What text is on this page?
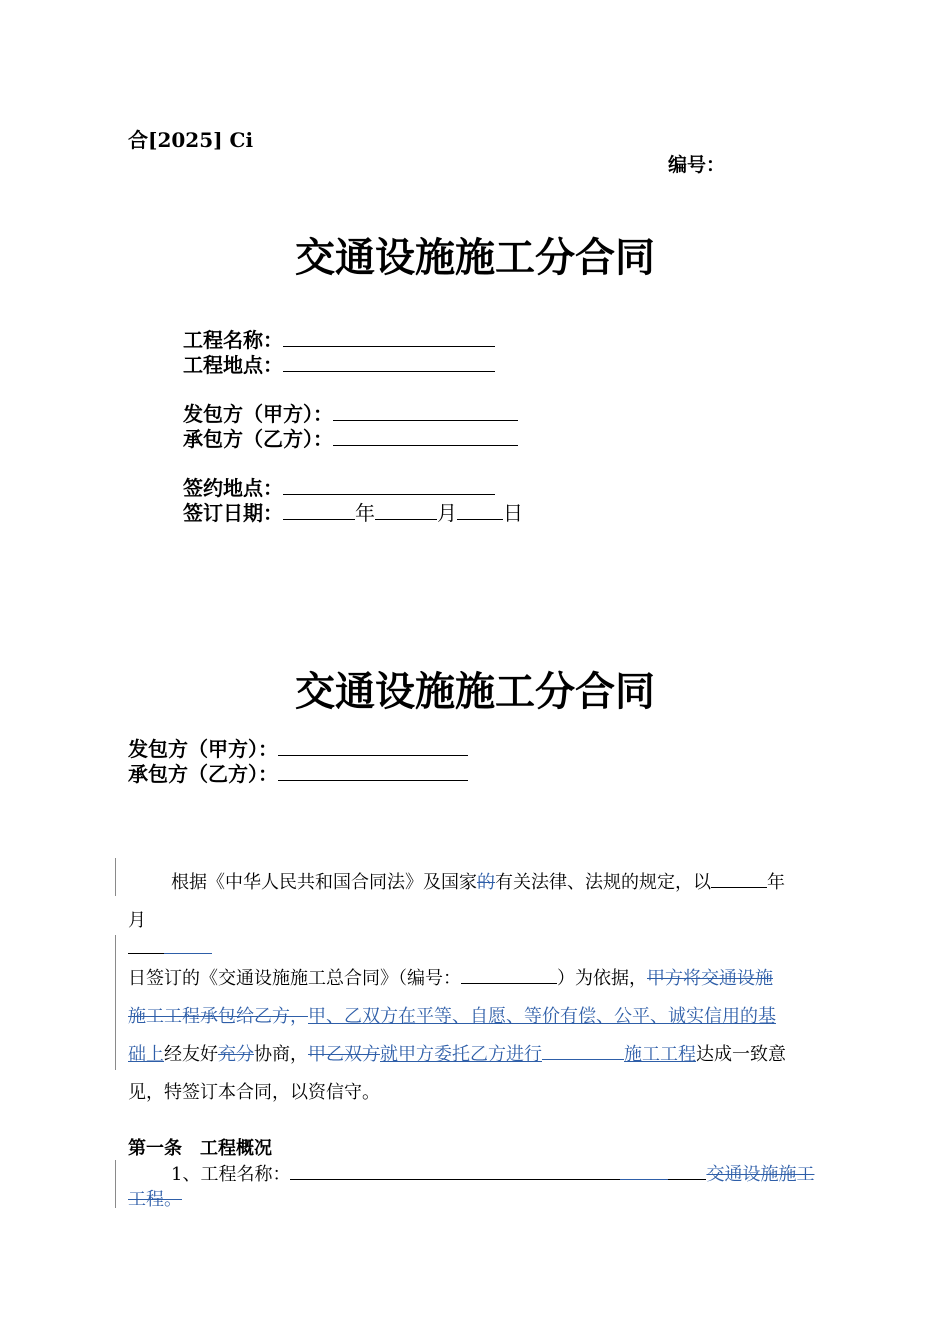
合[2025] Ci
编号：
交通设施施工分合同
工程名称：
工程地点：
发包方（甲方）：
承包方（乙方）：
签约地点：
签订日期：	年	月 日
交通设施施工分合同
发包方（甲方）：
承包方（乙方）：
根据《中华人民共和国合同法》及国家的有关法律、法规的规定，以	年
月
日签订的《交通设施施工总合同》（编号：	）为依据，甲方将交通设施
施工工程承包给乙方，甲、乙双方在平等、自愿、等价有偿、公平、诚实信用的基
础上经友好充分协商，甲乙双方就甲方委托乙方进行	施工工程达成一致意
见，特签订本合同，以资信守。
第一条　工程概况
1、工程名称：	交通设施施工
工程。
